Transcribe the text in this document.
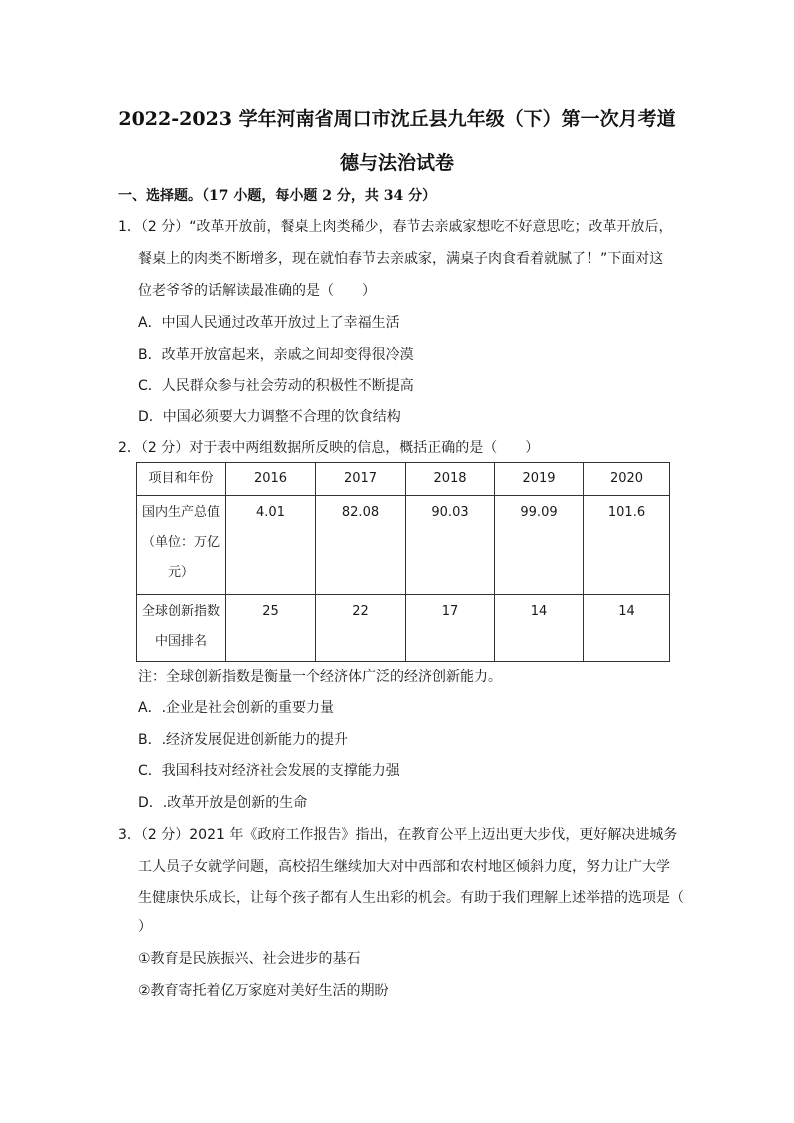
2022-2023 学年河南省周口市沈丘县九年级（下）第一次月考道
德与法治试卷
一、选择题。（17 小题，每小题 2 分，共 34 分）
1．（2 分）“改革开放前，餐桌上肉类稀少，春节去亲戚家想吃不好意思吃；改革开放后，
餐桌上的肉类不断增多，现在就怕春节去亲戚家，满桌子肉食看着就腻了！”下面对这
位老爷爷的话解读最准确的是（　　）
A．中国人民通过改革开放过上了幸福生活
B．改革开放富起来，亲戚之间却变得很冷漠
C．人民群众参与社会劳动的积极性不断提高
D．中国必须要大力调整不合理的饮食结构
2．（2 分）对于表中两组数据所反映的信息，概括正确的是（　　）
项目和年份	2016	2017	2018	2019	2020

国内生产总值
（单位：万亿
元）	4.01	82.08	90.03	99.09	101.6

全球创新指数
中国排名	25	22	17	14	14
注：全球创新指数是衡量一个经济体广泛的经济创新能力。
A．.企业是社会创新的重要力量
B．.经济发展促进创新能力的提升
C．我国科技对经济社会发展的支撑能力强
D．.改革开放是创新的生命
3．（2 分）2021 年《政府工作报告》指出，在教育公平上迈出更大步伐，更好解决进城务
工人员子女就学问题，高校招生继续加大对中西部和农村地区倾斜力度，努力让广大学
生健康快乐成长，让每个孩子都有人生出彩的机会。有助于我们理解上述举措的选项是（
）
①教育是民族振兴、社会进步的基石
②教育寄托着亿万家庭对美好生活的期盼
